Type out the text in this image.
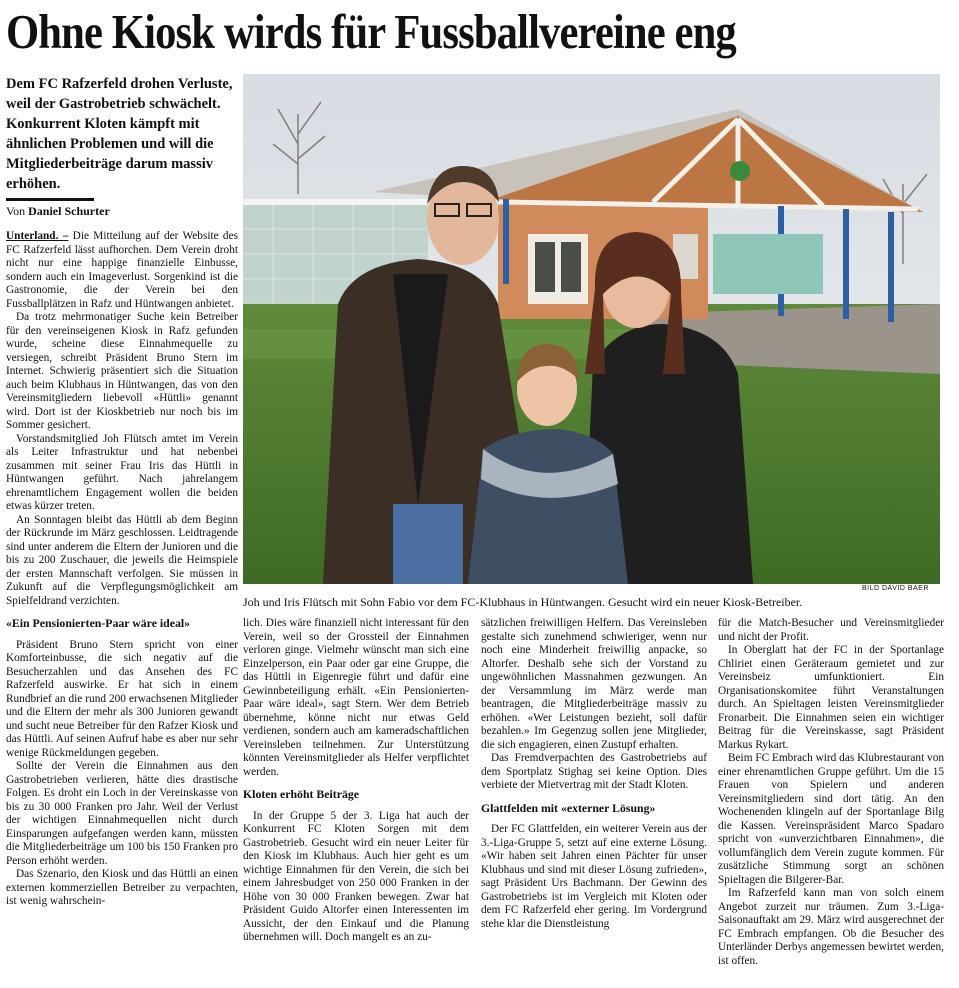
Ohne Kiosk wirds für Fussballvereine eng

Dem FC Rafzerfeld drohen Verluste, weil der Gastrobetrieb schwächelt. Konkurrent Kloten kämpft mit ähnlichen Problemen und will die Mitgliederbeiträge darum massiv erhöhen.

Von Daniel Schurter

Unterland. – Die Mitteilung auf der Website des FC Rafzerfeld lässt aufhorchen. Dem Verein droht nicht nur eine happige finanzielle Einbusse, sondern auch ein Imageverlust. Sorgenkind ist die Gastronomie, die der Verein bei den Fussballplätzen in Rafz und Hüntwangen anbietet.

Da trotz mehrmonatiger Suche kein Betreiber für den vereinseigenen Kiosk in Rafz gefunden wurde, scheine diese Einnahmequelle zu versiegen, schreibt Präsident Bruno Stern im Internet. Schwierig präsentiert sich die Situation auch beim Klubhaus in Hüntwangen, das von den Vereinsmitgliedern liebevoll «Hüttli» genannt wird. Dort ist der Kioskbetrieb nur noch bis im Sommer gesichert.

Vorstandsmitglied Joh Flütsch amtet im Verein als Leiter Infrastruktur und hat nebenbei zusammen mit seiner Frau Iris das Hüttli in Hüntwangen geführt. Nach jahrelangem ehrenamtlichem Engagement wollen die beiden etwas kürzer treten.

An Sonntagen bleibt das Hüttli ab dem Beginn der Rückrunde im März geschlossen. Leidtragende sind unter anderem die Eltern der Junioren und die bis zu 200 Zuschauer, die jeweils die Heimspiele der ersten Mannschaft verfolgen. Sie müssen in Zukunft auf die Verpflegungsmöglichkeit am Spielfeldrand verzichten.

«Ein Pensionierten-Paar wäre ideal»

Präsident Bruno Stern spricht von einer Komforteinbusse, die sich negativ auf die Besucherzahlen und das Ansehen des FC Rafzerfeld auswirke. Er hat sich in einem Rundbrief an die rund 200 erwachsenen Mitglieder und die Eltern der mehr als 300 Junioren gewandt und sucht neue Betreiber für den Rafzer Kiosk und das Hüttli. Auf seinen Aufruf habe es aber nur sehr wenige Rückmeldungen gegeben.

Sollte der Verein die Einnahmen aus den Gastrobetrieben verlieren, hätte dies drastische Folgen. Es droht ein Loch in der Vereinskasse von bis zu 30 000 Franken pro Jahr. Weil der Verlust der wichtigen Einnahmequellen nicht durch Einsparungen aufgefangen werden kann, müssten die Mitgliederbeiträge um 100 bis 150 Franken pro Person erhöht werden.

Das Szenario, den Kiosk und das Hüttli an einen externen kommerziellen Betreiber zu verpachten, ist wenig wahrschein-

BILD DAVID BAER
Joh und Iris Flütsch mit Sohn Fabio vor dem FC-Klubhaus in Hüntwangen. Gesucht wird ein neuer Kiosk-Betreiber.

lich. Dies wäre finanziell nicht interessant für den Verein, weil so der Grossteil der Einnahmen verloren ginge. Vielmehr wünscht man sich eine Einzelperson, ein Paar oder gar eine Gruppe, die das Hüttli in Eigenregie führt und dafür eine Gewinnbeteiligung erhält. «Ein Pensionierten-Paar wäre ideal», sagt Stern. Wer dem Betrieb übernehme, könne nicht nur etwas Geld verdienen, sondern auch am kameradschaftlichen Vereinsleben teilnehmen. Zur Unterstützung könnten Vereinsmitglieder als Helfer verpflichtet werden.

Kloten erhöht Beiträge

In der Gruppe 5 der 3. Liga hat auch der Konkurrent FC Kloten Sorgen mit dem Gastrobetrieb. Gesucht wird ein neuer Leiter für den Kiosk im Klubhaus. Auch hier geht es um wichtige Einnahmen für den Verein, die sich bei einem Jahresbudget von 250 000 Franken in der Höhe von 30 000 Franken bewegen. Zwar hat Präsident Guido Altorfer einen Interessenten im Aussicht, der den Einkauf und die Planung übernehmen will. Doch mangelt es an zu-

sätzlichen freiwilligen Helfern. Das Vereinsleben gestalte sich zunehmend schwieriger, wenn nur noch eine Minderheit freiwillig anpacke, so Altorfer. Deshalb sehe sich der Vorstand zu ungewöhnlichen Massnahmen gezwungen. An der Versammlung im März werde man beantragen, die Mitgliederbeiträge massiv zu erhöhen. «Wer Leistungen bezieht, soll dafür bezahlen.» Im Gegenzug sollen jene Mitglieder, die sich engagieren, einen Zustupf erhalten.

Das Fremdverpachten des Gastrobetriebs auf dem Sportplatz Stighag sei keine Option. Dies verbiete der Mietvertrag mit der Stadt Kloten.

Glattfelden mit «externer Lösung»

Der FC Glattfelden, ein weiterer Verein aus der 3.-Liga-Gruppe 5, setzt auf eine externe Lösung. «Wir haben seit Jahren einen Pächter für unser Klubhaus und sind mit dieser Lösung zufrieden», sagt Präsident Urs Bachmann. Der Gewinn des Gastrobetriebs ist im Vergleich mit Kloten oder dem FC Rafzerfeld eher gering. Im Vordergrund stehe klar die Dienstleistung

für die Match-Besucher und Vereinsmitglieder und nicht der Profit.

In Oberglatt hat der FC in der Sportanlage Chliriet einen Geräteraum gemietet und zur Vereinsbeiz umfunktioniert. Ein Organisationskomitee führt Veranstaltungen durch. An Spieltagen leisten Vereinsmitglieder Fronarbeit. Die Einnahmen seien ein wichtiger Beitrag für die Vereinskasse, sagt Präsident Markus Rykart.

Beim FC Embrach wird das Klubrestaurant von einer ehrenamtlichen Gruppe geführt. Um die 15 Frauen von Spielern und anderen Vereinsmitgliedern sind dort tätig. An den Wochenenden klingeln auf der Sportanlage Bilg die Kassen. Vereinspräsident Marco Spadaro spricht von «unverzichtbaren Einnahmen», die vollumfänglich dem Verein zugute kommen. Für zusätzliche Stimmung sorgt an schönen Spieltagen die Bilgerer-Bar.

Im Rafzerfeld kann man von solch einem Angebot zurzeit nur träumen. Zum 3.-Liga-Saisonauftakt am 29. März wird ausgerechnet der FC Embrach empfangen. Ob die Besucher des Unterländer Derbys angemessen bewirtet werden, ist offen.
